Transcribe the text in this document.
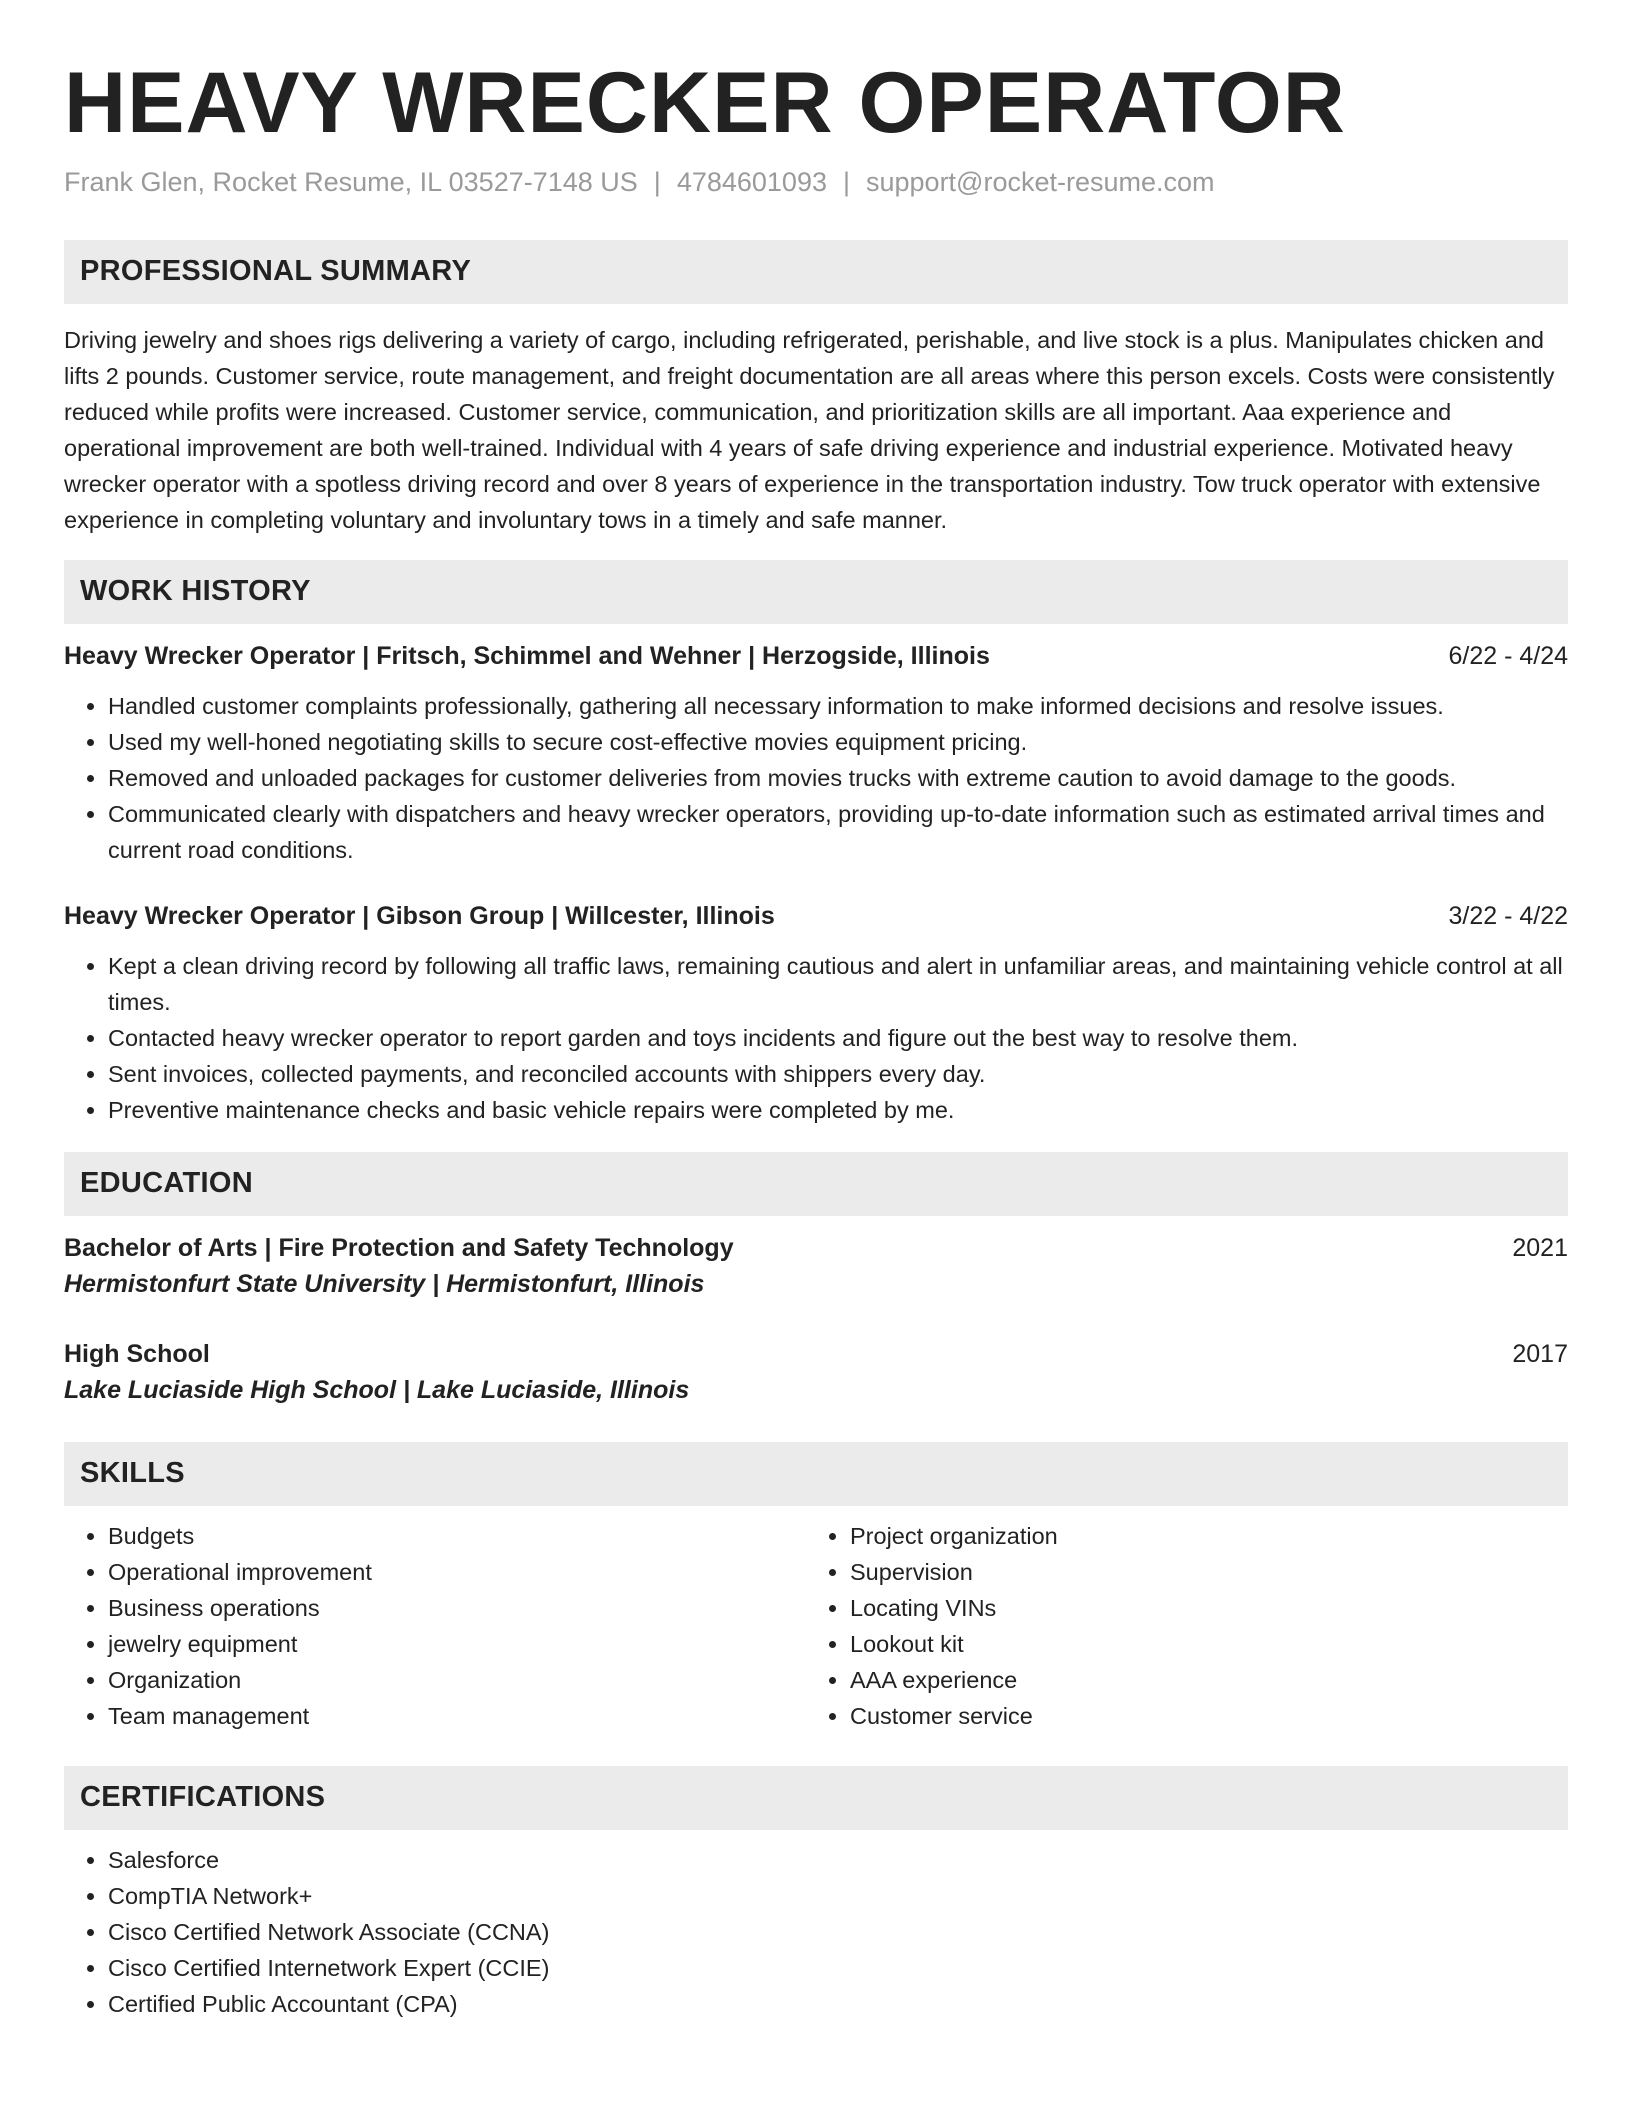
HEAVY WRECKER OPERATOR
Frank Glen, Rocket Resume, IL 03527-7148 US | 4784601093 | support@rocket-resume.com
PROFESSIONAL SUMMARY

Driving jewelry and shoes rigs delivering a variety of cargo, including refrigerated, perishable, and live stock is a plus. Manipulates chicken and lifts 2 pounds. Customer service, route management, and freight documentation are all areas where this person excels. Costs were consistently reduced while profits were increased. Customer service, communication, and prioritization skills are all important. Aaa experience and operational improvement are both well-trained. Individual with 4 years of safe driving experience and industrial experience. Motivated heavy wrecker operator with a spotless driving record and over 8 years of experience in the transportation industry. Tow truck operator with extensive experience in completing voluntary and involuntary tows in a timely and safe manner.

WORK HISTORY
Heavy Wrecker Operator | Fritsch, Schimmel and Wehner | Herzogside, Illinois	6/22 - 4/24
• Handled customer complaints professionally, gathering all necessary information to make informed decisions and resolve issues.
• Used my well-honed negotiating skills to secure cost-effective movies equipment pricing.
• Removed and unloaded packages for customer deliveries from movies trucks with extreme caution to avoid damage to the goods.
• Communicated clearly with dispatchers and heavy wrecker operators, providing up-to-date information such as estimated arrival times and current road conditions.
Heavy Wrecker Operator | Gibson Group | Willcester, Illinois	3/22 - 4/22
• Kept a clean driving record by following all traffic laws, remaining cautious and alert in unfamiliar areas, and maintaining vehicle control at all times.
• Contacted heavy wrecker operator to report garden and toys incidents and figure out the best way to resolve them.
• Sent invoices, collected payments, and reconciled accounts with shippers every day.
• Preventive maintenance checks and basic vehicle repairs were completed by me.
EDUCATION
Bachelor of Arts | Fire Protection and Safety Technology	2021
Hermistonfurt State University | Hermistonfurt, Illinois
High School	2017
Lake Luciaside High School | Lake Luciaside, Illinois
SKILLS
• Budgets
• Operational improvement
• Business operations
• jewelry equipment
• Organization
• Team management
• Project organization
• Supervision
• Locating VINs
• Lookout kit
• AAA experience
• Customer service
CERTIFICATIONS
• Salesforce
• CompTIA Network+
• Cisco Certified Network Associate (CCNA)
• Cisco Certified Internetwork Expert (CCIE)
• Certified Public Accountant (CPA)
